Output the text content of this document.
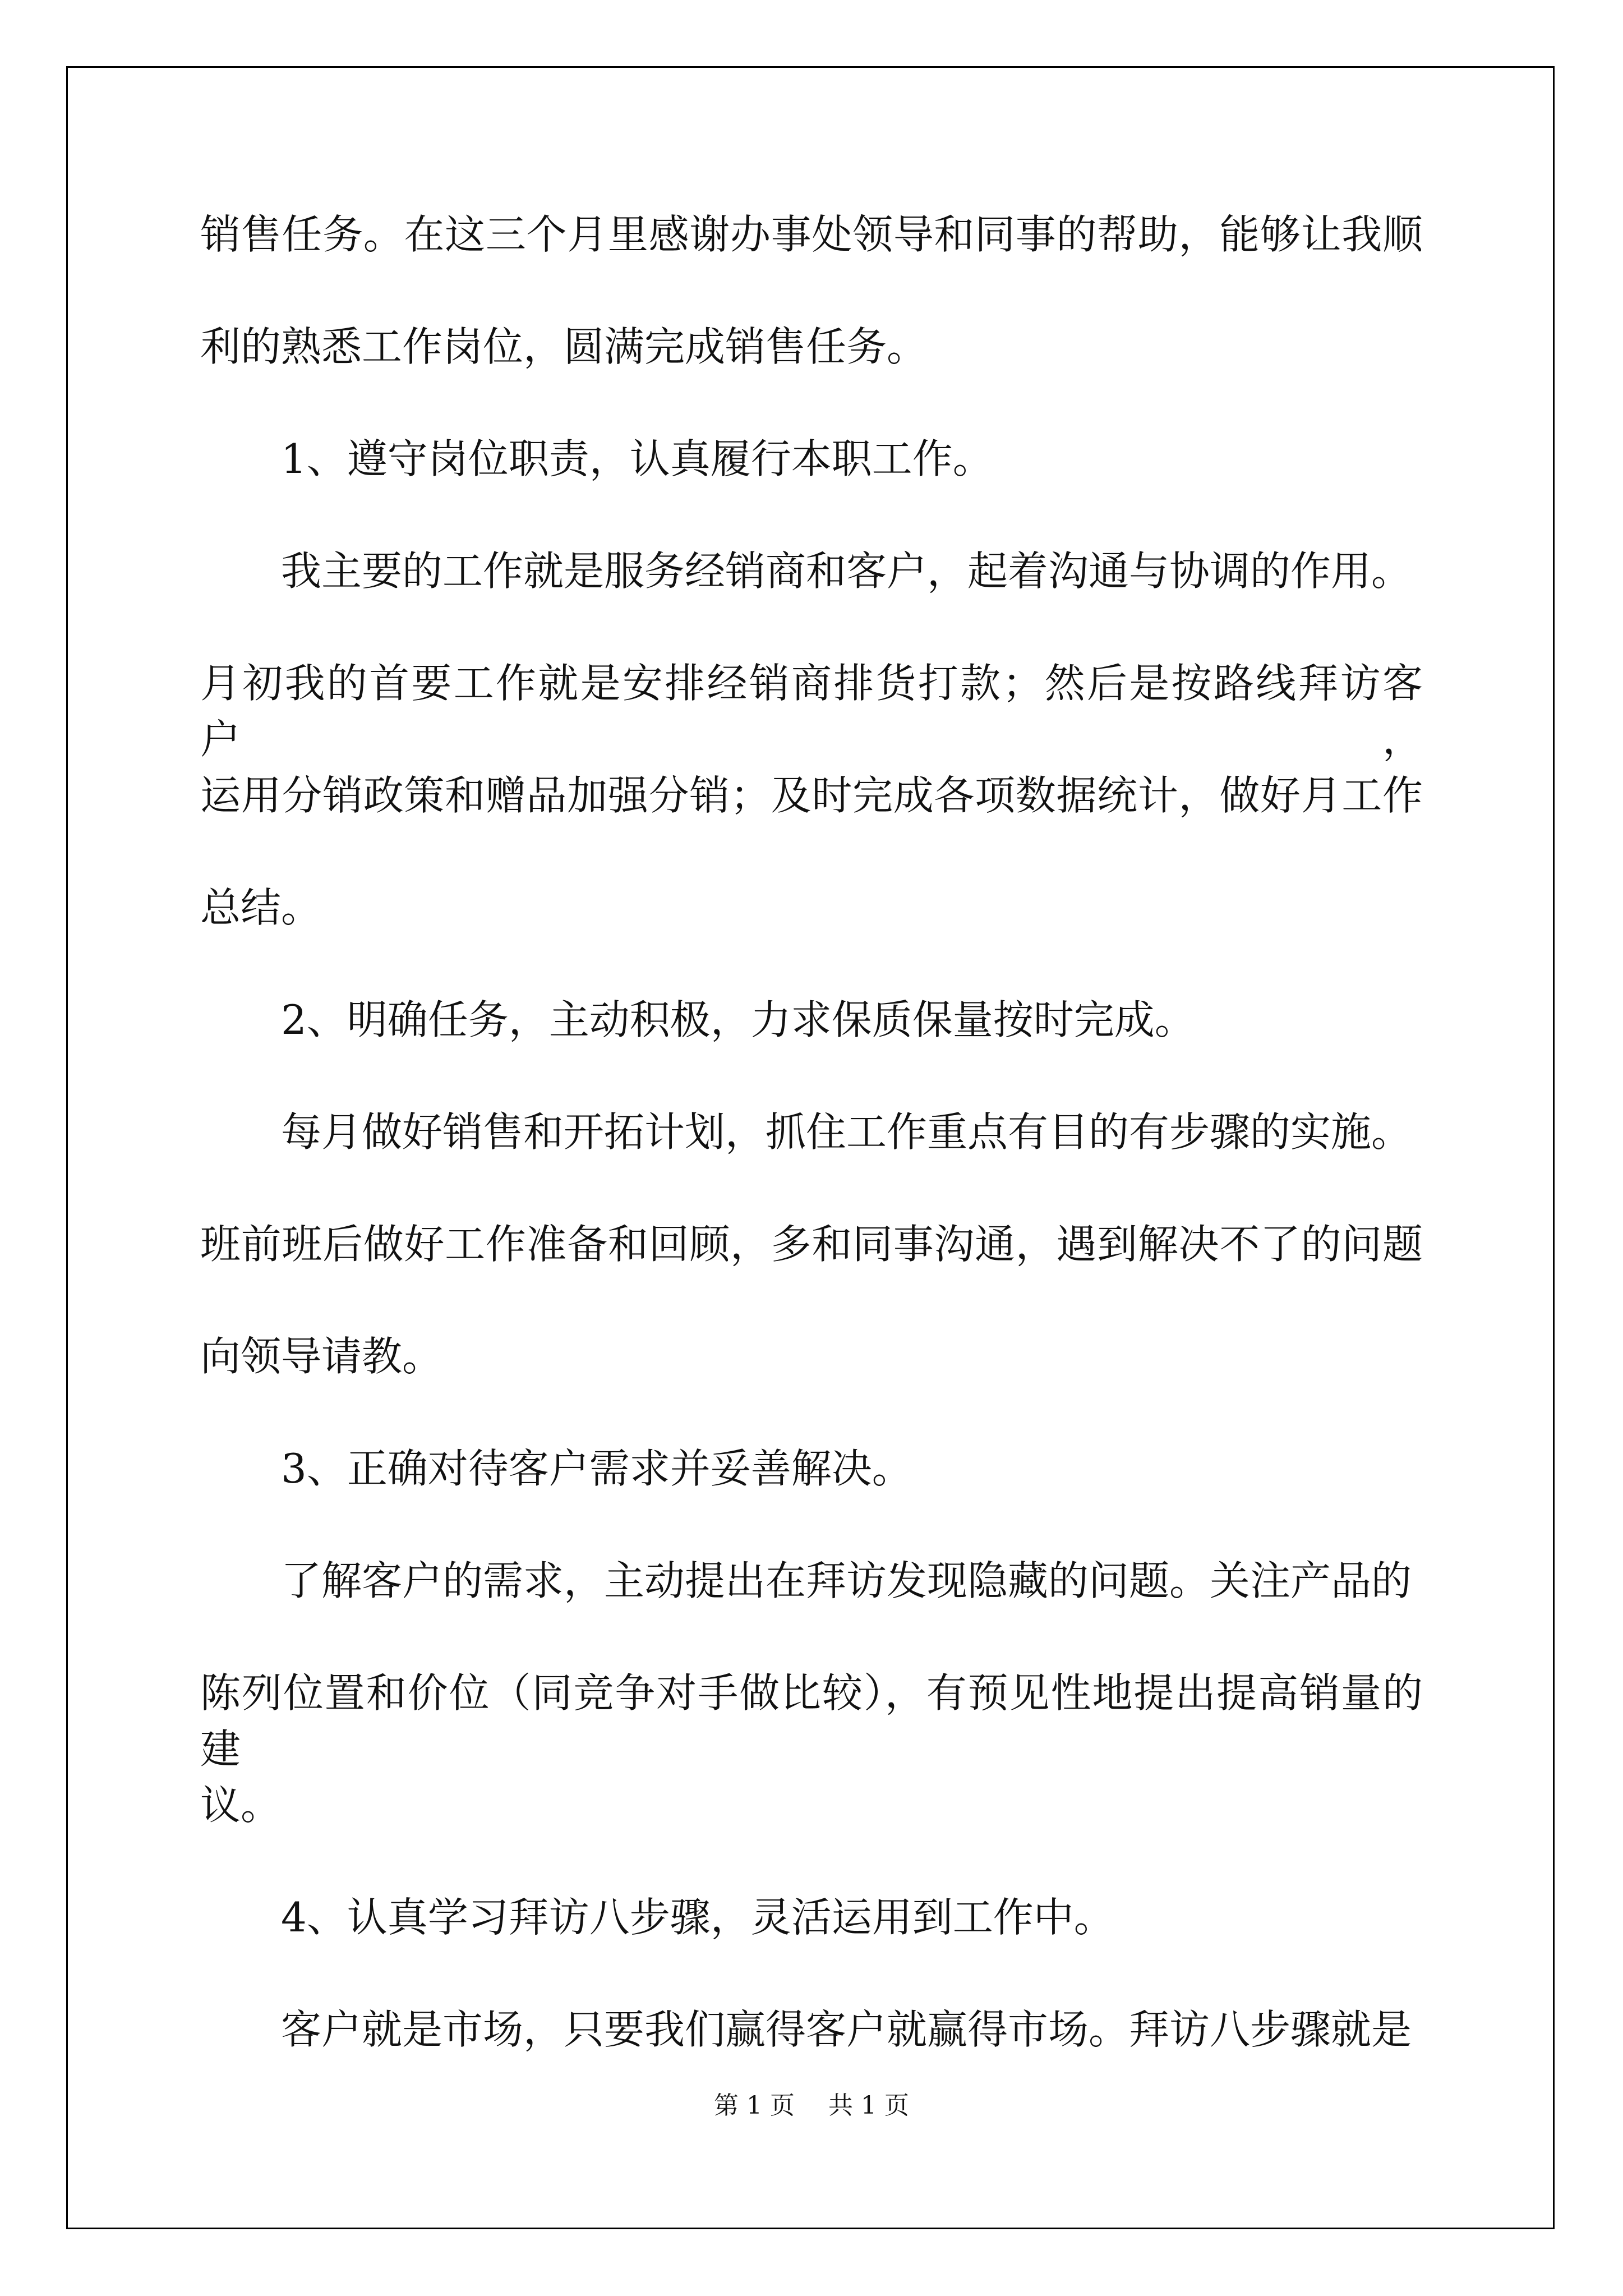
销售任务。在这三个月里感谢办事处领导和同事的帮助，能够让我顺
利的熟悉工作岗位，圆满完成销售任务。
1、遵守岗位职责，认真履行本职工作。
我主要的工作就是服务经销商和客户，起着沟通与协调的作用。
月初我的首要工作就是安排经销商排货打款；然后是按路线拜访客户，
运用分销政策和赠品加强分销；及时完成各项数据统计，做好月工作
总结。
2、明确任务，主动积极，力求保质保量按时完成。
每月做好销售和开拓计划，抓住工作重点有目的有步骤的实施。
班前班后做好工作准备和回顾，多和同事沟通，遇到解决不了的问题
向领导请教。
3、正确对待客户需求并妥善解决。
了解客户的需求，主动提出在拜访发现隐藏的问题。关注产品的
陈列位置和价位（同竞争对手做比较），有预见性地提出提高销量的建
议。
4、认真学习拜访八步骤，灵活运用到工作中。
客户就是市场，只要我们赢得客户就赢得市场。拜访八步骤就是
第 1 页 共 1 页
